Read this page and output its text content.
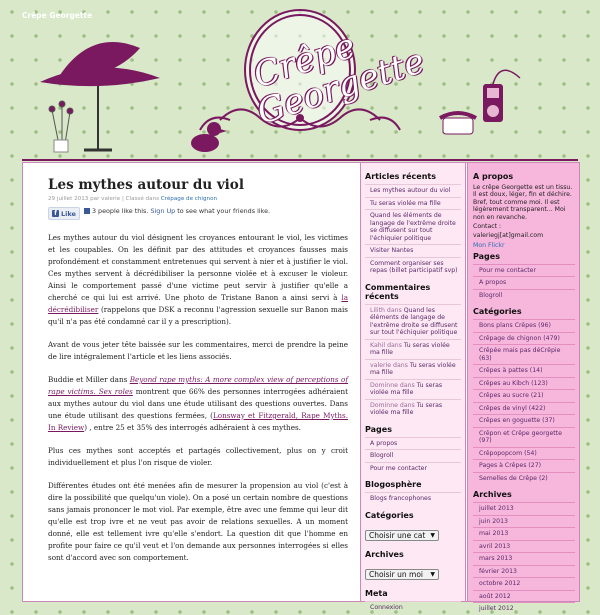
Crêpe Georgette
Crêpe Georgette
Les mythes autour du viol
29 juillet 2013 par valerie | Classé dans Crépage de chignon
f Like	3 people like this. Sign Up to see what your friends like.

Les mythes autour du viol désignent les croyances entourant le viol, les victimes et les coupables. On les définit par des attitudes et croyances fausses mais profondément et constamment entretenues qui servent à nier et à justifier le viol. Ces mythes servent à décrédibiliser la personne violée et à excuser le violeur. Ainsi le comportement passé d'une victime peut servir à justifier qu'elle a cherché ce qui lui est arrivé. Une photo de Tristane Banon a ainsi servi à la décrédibiliser (rappelons que DSK a reconnu l'agression sexuelle sur Banon mais qu'il n'a pas été condamné car il y a prescription).

Avant de vous jeter tête baissée sur les commentaires, merci de prendre la peine de lire intégralement l'article et les liens associés.

Buddie et Miller dans Beyond rape myths: A more complex view of perceptions of rape victims. Sex roles montrent que 66% des personnes interrogées adhéraient aux mythes autour du viol dans une étude utilisant des questions ouvertes. Dans une étude utilisant des questions fermées, (Lonsway et Fitzgerald, Rape Myths. In Review) , entre 25 et 35% des interrogés adhéraient à ces mythes.

Plus ces mythes sont acceptés et partagés collectivement, plus on y croit individuellement et plus l'on risque de violer.

Différentes études ont été menées afin de mesurer la propension au viol (c'est à dire la possibilité que quelqu'un viole). On a posé un certain nombre de questions sans jamais prononcer le mot viol. Par exemple, être avec une femme qui leur dit qu'elle est trop ivre et ne veut pas avoir de relations sexuelles. A un moment donné, elle est tellement ivre qu'elle s'endort. La question dit que l'homme en profite pour faire ce qu'il veut et l'on demande aux personnes interrogées si elles sont d'accord avec son comportement.

Articles récents
Les mythes autour du viol
Tu seras violée ma fille
Quand les éléments de langage de l'extrême droite se diffusent sur tout l'échiquier politique
Visiter Nantes
Comment organiser ses repas (billet participatif svp)
Commentaires récents
Lilith dans Quand les éléments de langage de l'extrême droite se diffusent sur tout l'échiquier politique
Kahil dans Tu seras violée ma fille
valerie dans Tu seras violée ma fille
Dominne dans Tu seras violée ma fille
Dominne dans Tu seras violée ma fille
Pages
A propos
Blogroll
Pour me contacter
Blogosphère
Blogs francophones
Catégories
Choisir une cat ▼
Archives
Choisir un moi ▼
Meta
Connexion
A propos

Le crêpe Georgette est un tissu. Il est doux, léger, fin et déchire. Bref, tout comme moi. Il est légèrement transparent... Moi non en revanche.

Contact :

valeriegj[at]gmail.com

Mon Flickr
Pages
Pour me contacter
A propos
Blogroll
Catégories
Bons plans Crêpes (96)
Crêpage de chignon (479)
Crêpée mais pas déCrêpie (63)
Crêpes à pattes (14)
Crêpes au Kibch (123)
Crêpes au sucre (21)
Crêpes de vinyl (422)
Crêpes en goguette (37)
Crêpon et Crêpe georgette (97)
Crêpopopcom (54)
Pages à Crêpes (27)
Semelles de Crêpe (2)
Archives
juillet 2013
juin 2013
mai 2013
avril 2013
mars 2013
février 2013
octobre 2012
août 2012
juillet 2012
